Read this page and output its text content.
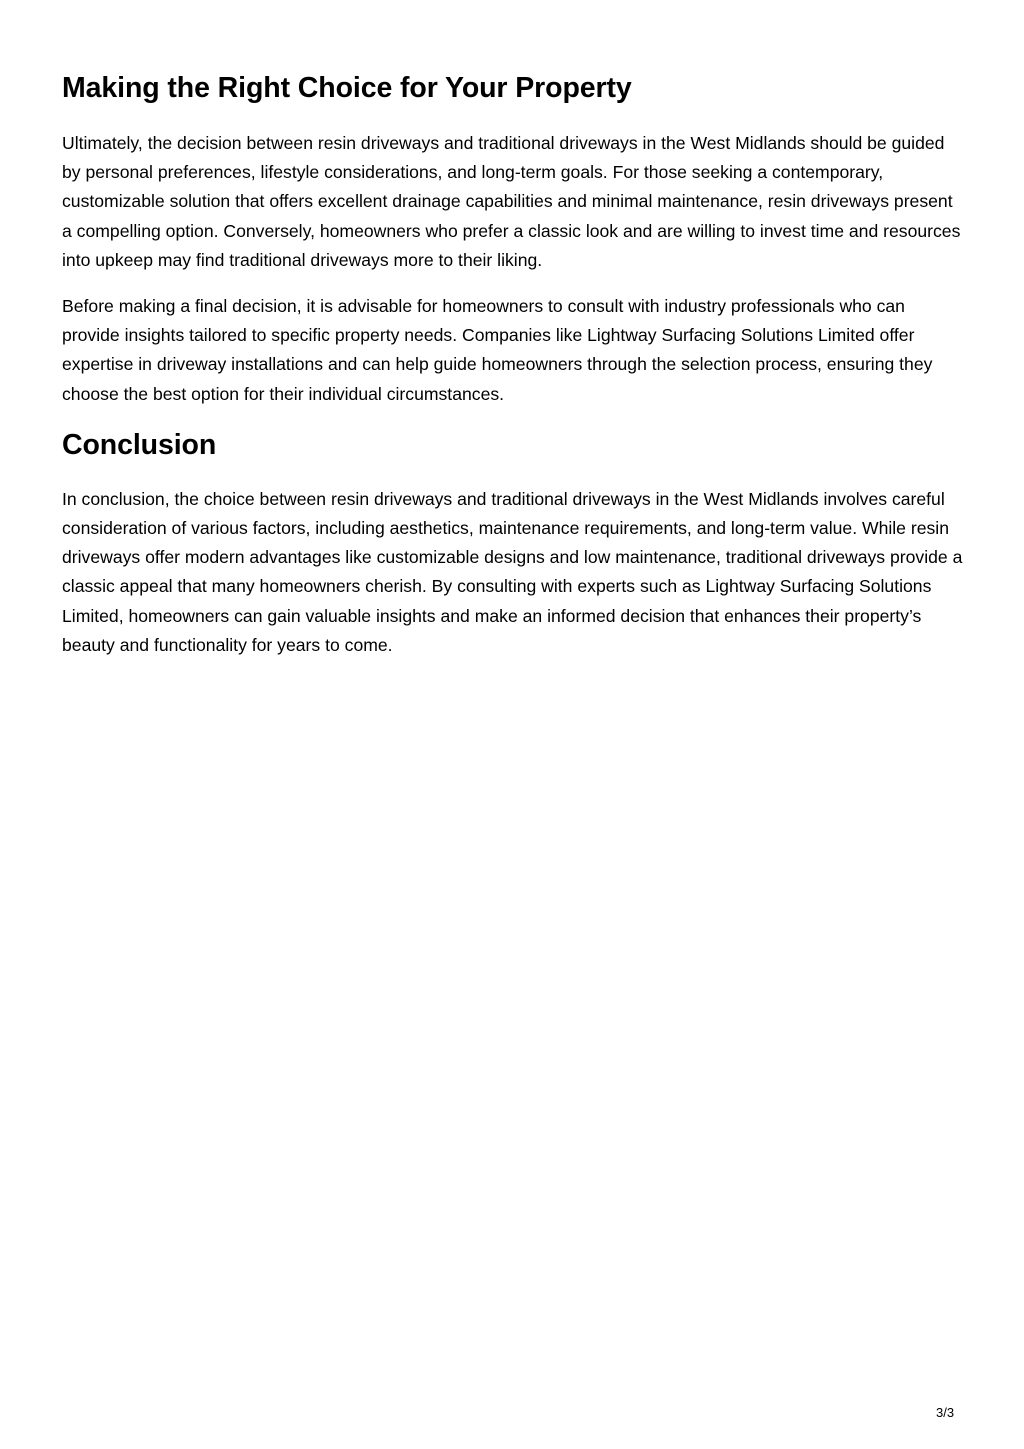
Making the Right Choice for Your Property

Ultimately, the decision between resin driveways and traditional driveways in the West Midlands should be guided by personal preferences, lifestyle considerations, and long-term goals. For those seeking a contemporary, customizable solution that offers excellent drainage capabilities and minimal maintenance, resin driveways present a compelling option. Conversely, homeowners who prefer a classic look and are willing to invest time and resources into upkeep may find traditional driveways more to their liking.

Before making a final decision, it is advisable for homeowners to consult with industry professionals who can provide insights tailored to specific property needs. Companies like Lightway Surfacing Solutions Limited offer expertise in driveway installations and can help guide homeowners through the selection process, ensuring they choose the best option for their individual circumstances.

Conclusion

In conclusion, the choice between resin driveways and traditional driveways in the West Midlands involves careful consideration of various factors, including aesthetics, maintenance requirements, and long-term value. While resin driveways offer modern advantages like customizable designs and low maintenance, traditional driveways provide a classic appeal that many homeowners cherish. By consulting with experts such as Lightway Surfacing Solutions Limited, homeowners can gain valuable insights and make an informed decision that enhances their property’s beauty and functionality for years to come.

3/3
